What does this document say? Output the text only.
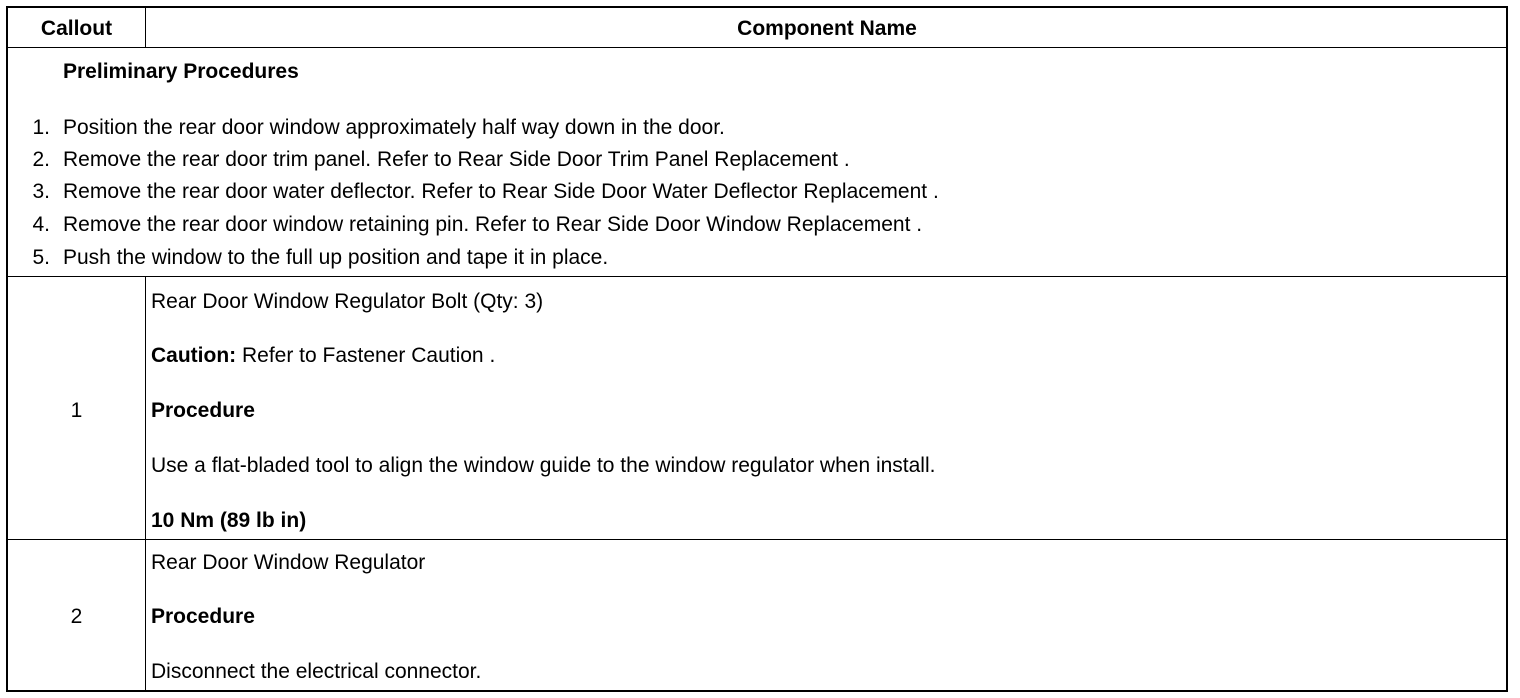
Callout	Component Name
Preliminary Procedures
1. Position the rear door window approximately half way down in the door.
2. Remove the rear door trim panel. Refer to Rear Side Door Trim Panel Replacement .
3. Remove the rear door water deflector. Refer to Rear Side Door Water Deflector Replacement .
4. Remove the rear door window retaining pin. Refer to Rear Side Door Window Replacement .
5. Push the window to the full up position and tape it in place.
1
Rear Door Window Regulator Bolt (Qty: 3)
Caution: Refer to Fastener Caution .
Procedure
Use a flat-bladed tool to align the window guide to the window regulator when install.
10 Nm (89 lb in)
2
Rear Door Window Regulator
Procedure
Disconnect the electrical connector.
